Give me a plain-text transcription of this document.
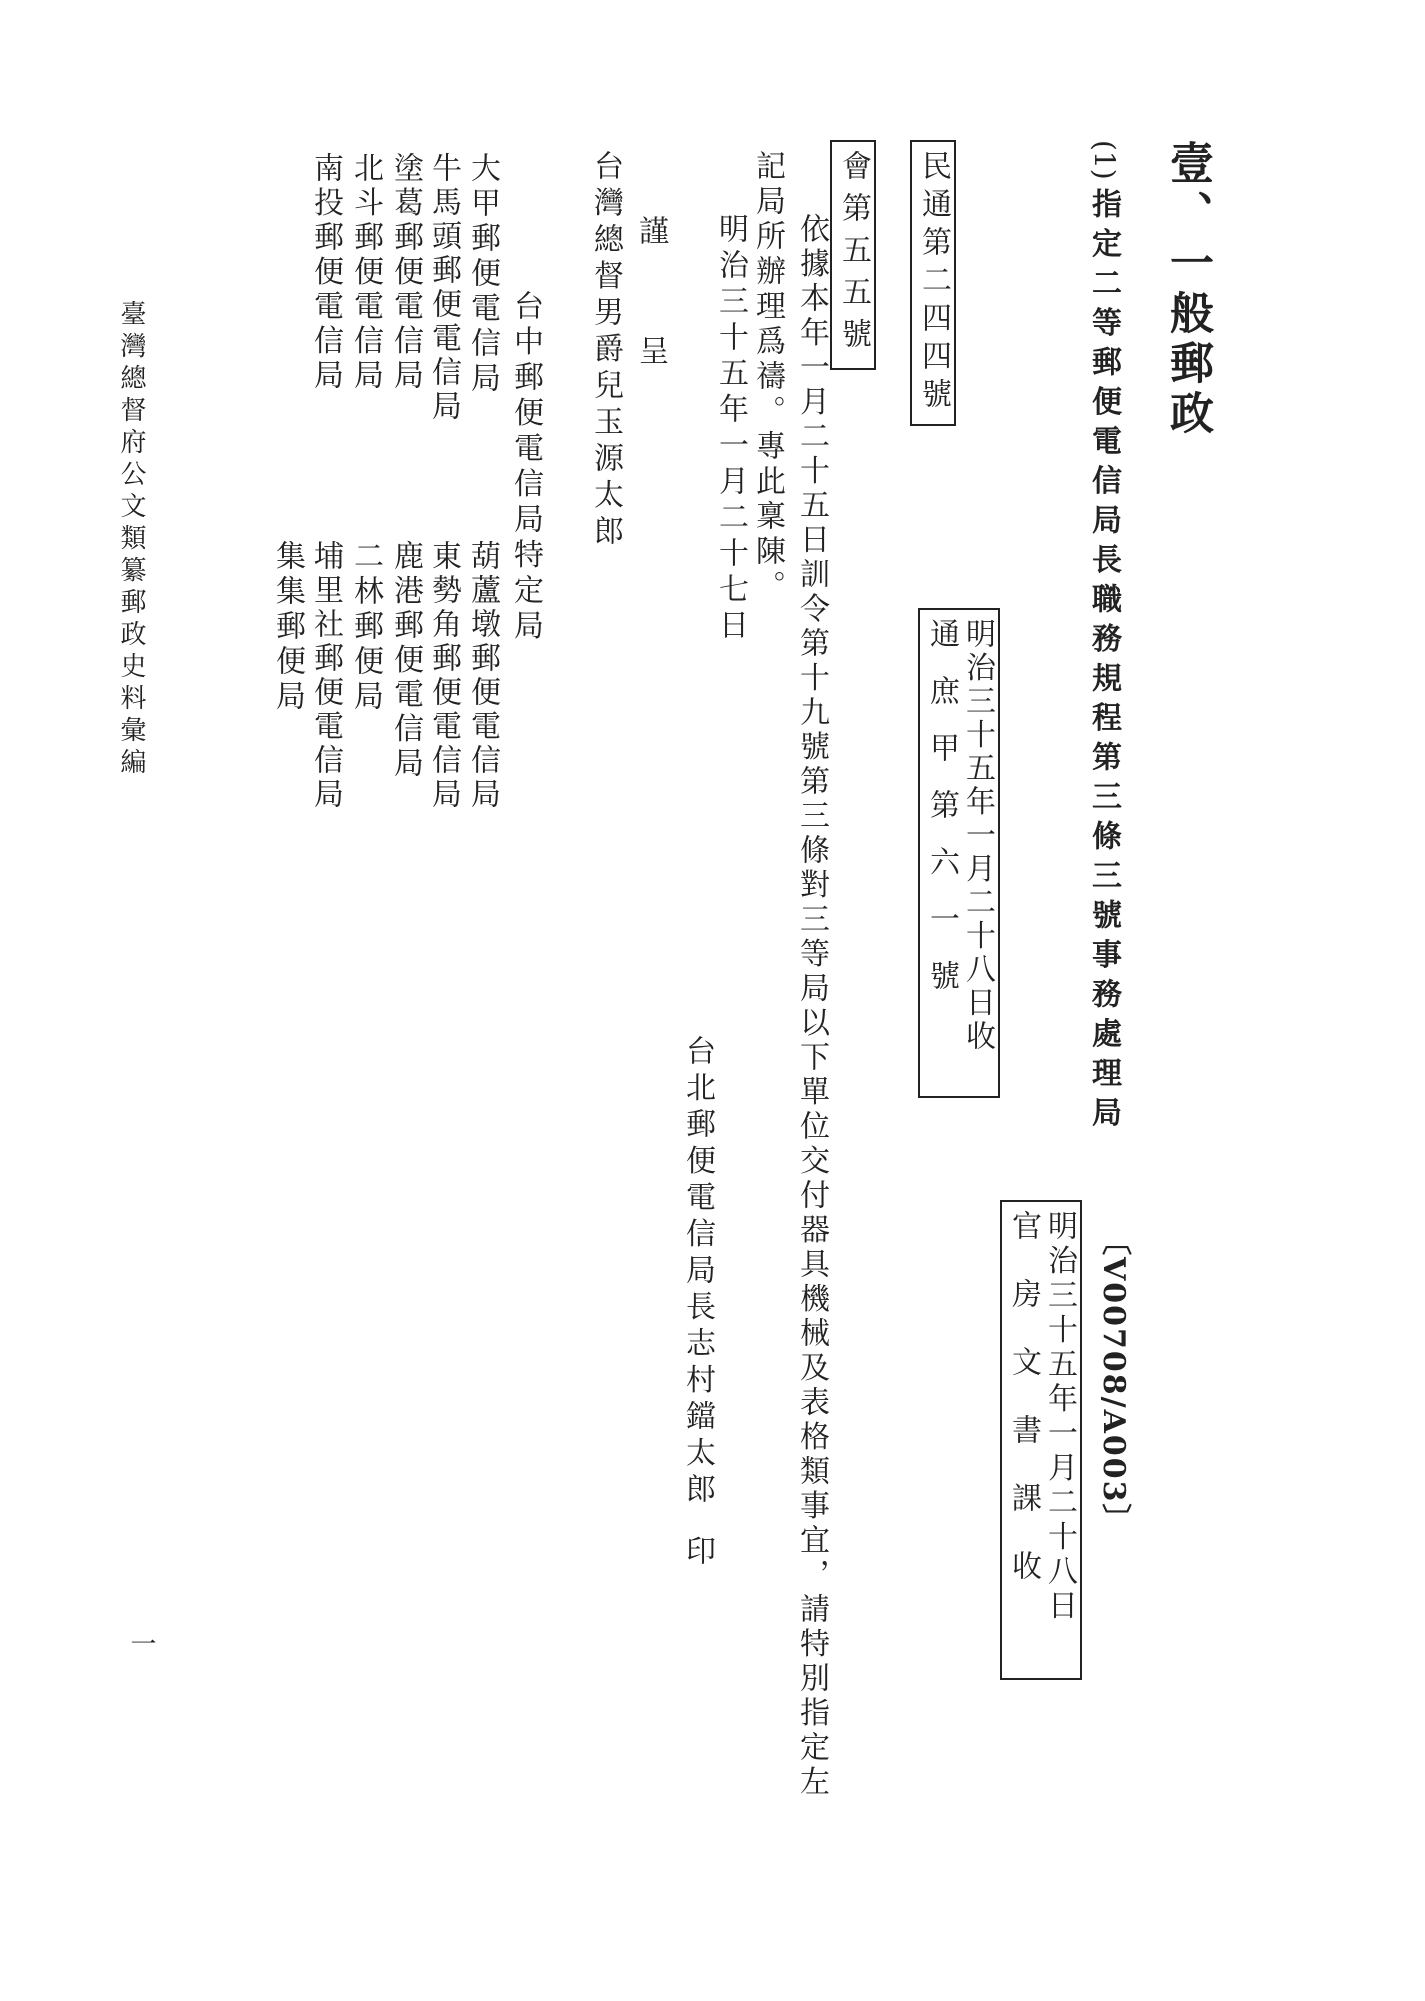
壹、一般郵政
(1)
指定二等郵便電信局長職務規程第三條三號事務處理局
〔V00708/A003〕
明治三十五年一月二十八日
官房文書課收
民通第二四四號
明治三十五年一月二十八日收
通庶甲第六一號
會第五五號

依據本年一月二十五日訓令第十九號第三條對三等局以下單位交付器具機械及表格類事宜，請特別指定左

記局所辦理爲禱。專此稟陳。

明治三十五年一月二十七日

台北郵便電信局長志村鐺太郎

印

謹　　呈

台灣總督男爵兒玉源太郎

台中郵便電信局特定局

大甲郵便電信局

葫蘆墩郵便電信局

牛馬頭郵便電信局

東勢角郵便電信局

塗葛郵便電信局

鹿港郵便電信局

北斗郵便電信局

二林郵便局

南投郵便電信局

埔里社郵便電信局

集集郵便局

臺灣總督府公文類纂郵政史料彙編

一
